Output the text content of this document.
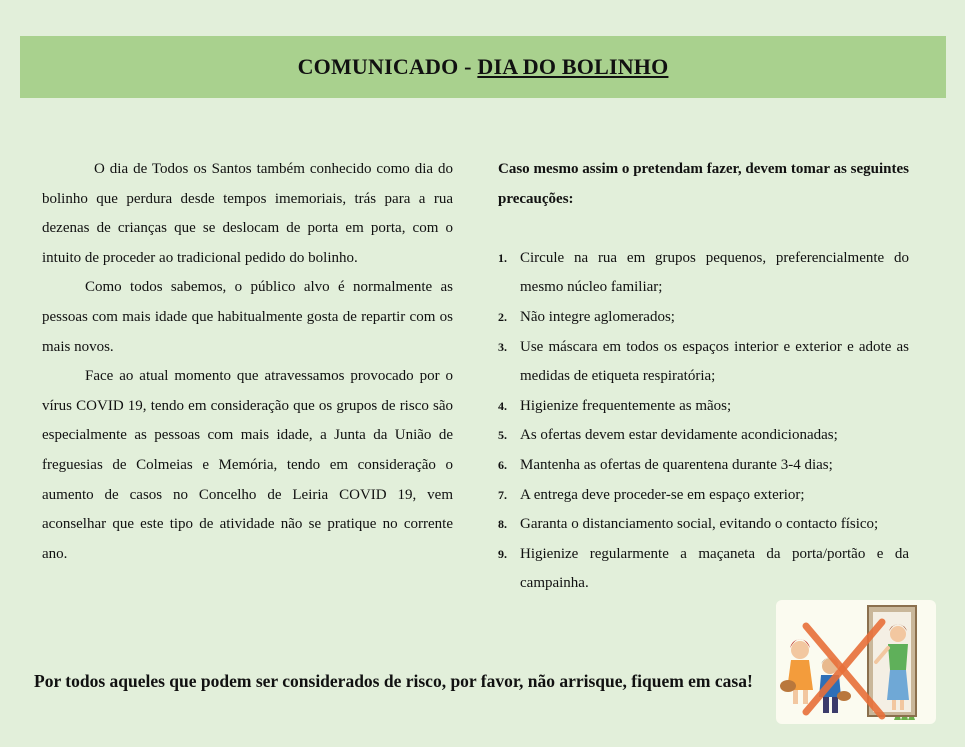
COMUNICADO - DIA DO BOLINHO

O dia de Todos os Santos também conhecido como dia do bolinho que perdura desde tempos imemoriais, trás para a rua dezenas de crianças que se deslocam de porta em porta, com o intuito de proceder ao tradicional pedido do bolinho.

Como todos sabemos, o público alvo é normalmente as pessoas com mais idade que habitualmente gosta de repartir com os mais novos.

Face ao atual momento que atravessamos provocado por o vírus COVID 19, tendo em consideração que os grupos de risco são especialmente as pessoas com mais idade, a Junta da União de freguesias de Colmeias e Memória, tendo em consideração o aumento de casos no Concelho de Leiria COVID 19, vem aconselhar que este tipo de atividade não se pratique no corrente ano.

Caso mesmo assim o pretendam fazer, devem tomar as seguintes precauções:

1. Circule na rua em grupos pequenos, preferencialmente do mesmo núcleo familiar;
2. Não integre aglomerados;
3. Use máscara em todos os espaços interior e exterior e adote as medidas de etiqueta respiratória;
4. Higienize frequentemente as mãos;
5. As ofertas devem estar devidamente acondicionadas;
6. Mantenha as ofertas de quarentena durante 3-4 dias;
7. A entrega deve proceder-se em espaço exterior;
8. Garanta o distanciamento social, evitando o contacto físico;
9. Higienize regularmente a maçaneta da porta/portão e da campainha.

Por todos aqueles que podem ser considerados de risco, por favor, não arrisque, fiquem em casa!
